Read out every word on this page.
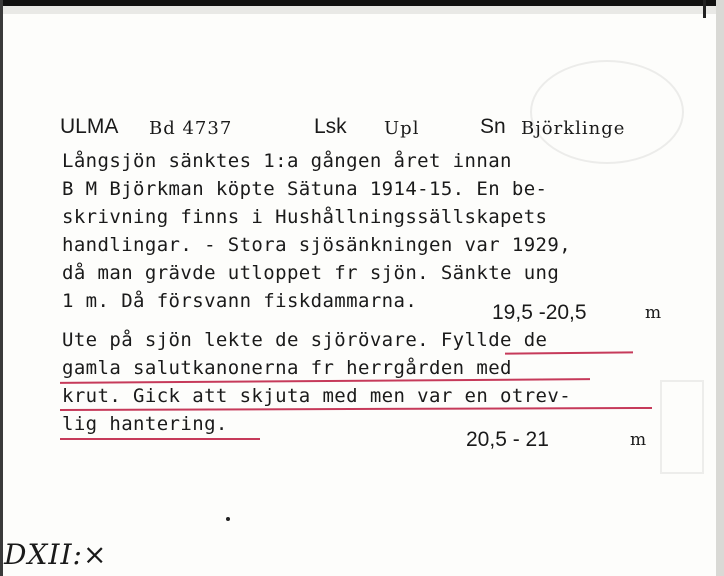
ULMA Bd 4737	Lsk Upl	Sn Björklinge
Långsjön sänktes 1:a gången året innan
B M Björkman köpte Sätuna 1914-15. En be-
skrivning finns i Hushållningssällskapets
handlingar. - Stora sjösänkningen var 1929,
då man grävde utloppet fr sjön. Sänkte ung
1 m. Då försvann fiskdammarna.	19,5 -20,5	m
Ute på sjön lekte de sjörövare. Fyllde de
gamla salutkanonerna fr herrgården med
krut. Gick att skjuta med men var en otrev-
lig hantering.
20,5 - 21	m
DXII:×
